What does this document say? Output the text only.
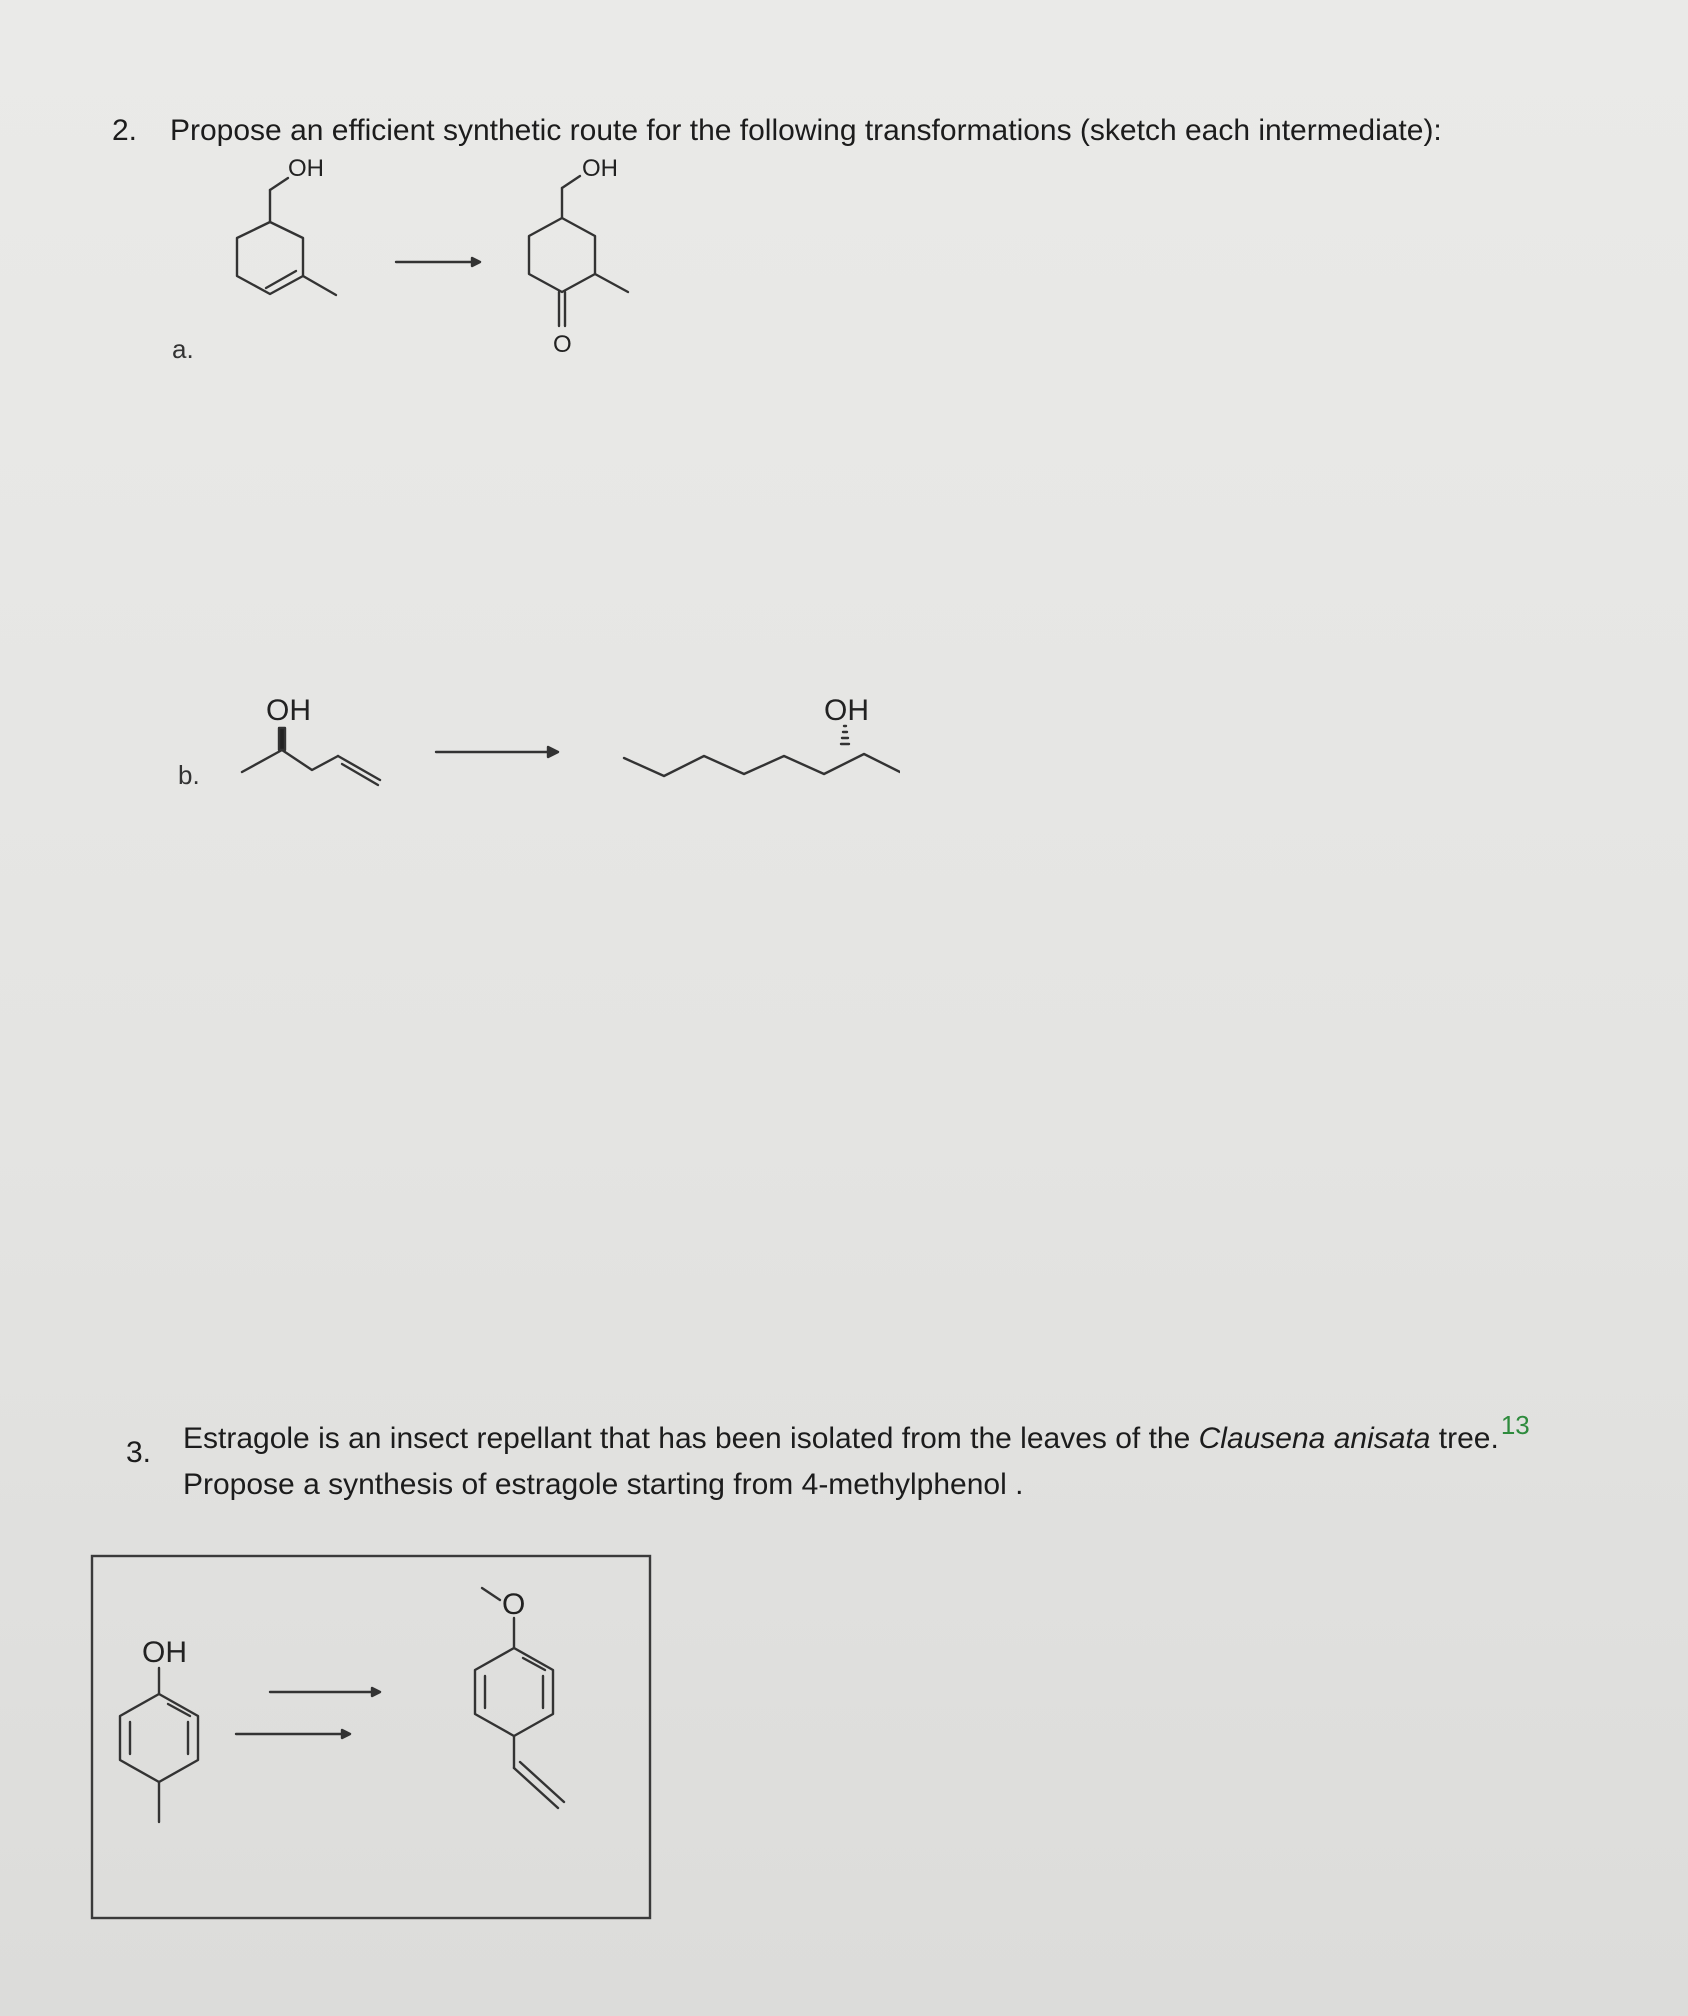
2. Propose an efficient synthetic route for the following transformations (sketch each intermediate):
a.
OH	OH
O
b.
OH	OH
3. Estragole is an insect repellant that has been isolated from the leaves of the Clausena anisata tree.13
Propose a synthesis of estragole starting from 4-methylphenol .
OH
O
